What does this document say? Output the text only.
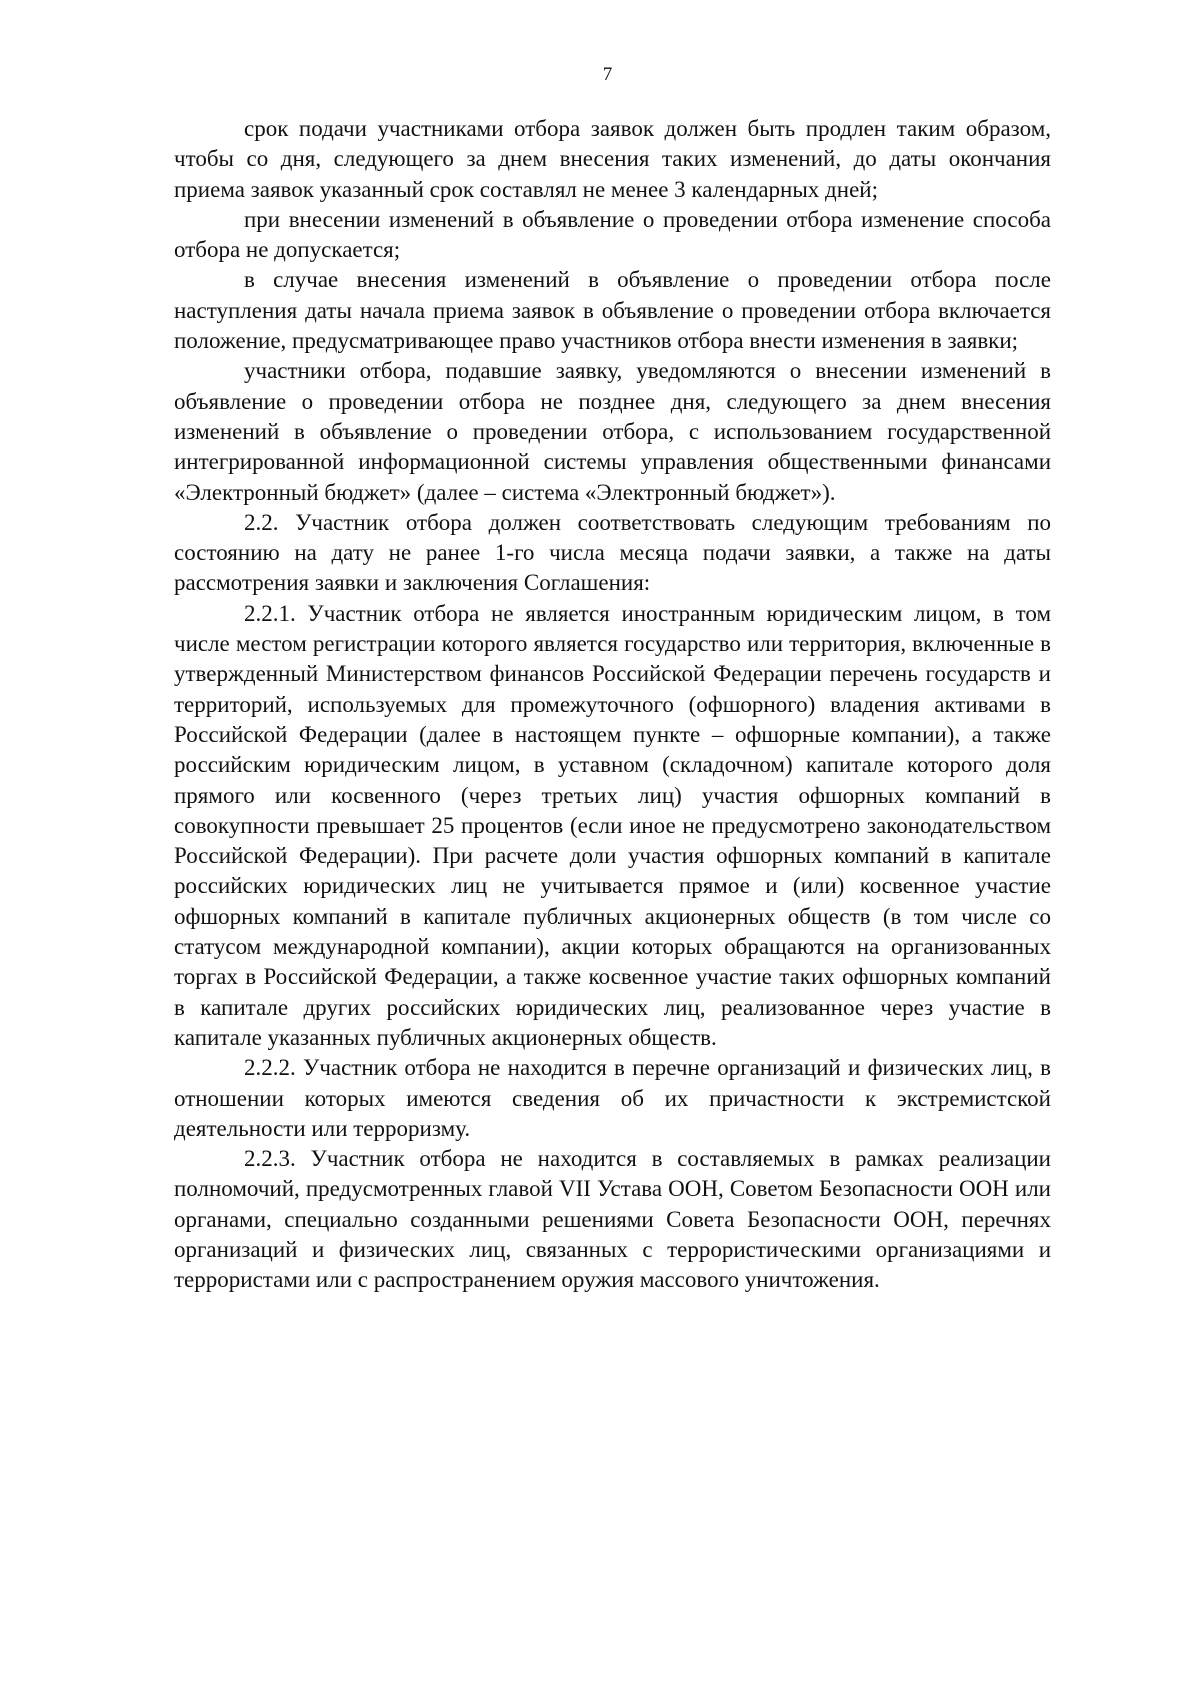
7

срок подачи участниками отбора заявок должен быть продлен таким образом, чтобы со дня, следующего за днем внесения таких изменений, до даты окончания приема заявок указанный срок составлял не менее 3 календарных дней;

при внесении изменений в объявление о проведении отбора изменение способа отбора не допускается;

в случае внесения изменений в объявление о проведении отбора после наступления даты начала приема заявок в объявление о проведении отбора включается положение, предусматривающее право участников отбора внести изменения в заявки;

участники отбора, подавшие заявку, уведомляются о внесении изменений в объявление о проведении отбора не позднее дня, следующего за днем внесения изменений в объявление о проведении отбора, с использованием государственной интегрированной информационной системы управления общественными финансами «Электронный бюджет» (далее – система «Электронный бюджет»).

2.2. Участник отбора должен соответствовать следующим требованиям по состоянию на дату не ранее 1-го числа месяца подачи заявки, а также на даты рассмотрения заявки и заключения Соглашения:

2.2.1. Участник отбора не является иностранным юридическим лицом, в том числе местом регистрации которого является государство или территория, включенные в утвержденный Министерством финансов Российской Федерации перечень государств и территорий, используемых для промежуточного (офшорного) владения активами в Российской Федерации (далее в настоящем пункте – офшорные компании), а также российским юридическим лицом, в уставном (складочном) капитале которого доля прямого или косвенного (через третьих лиц) участия офшорных компаний в совокупности превышает 25 процентов (если иное не предусмотрено законодательством Российской Федерации). При расчете доли участия офшорных компаний в капитале российских юридических лиц не учитывается прямое и (или) косвенное участие офшорных компаний в капитале публичных акционерных обществ (в том числе со статусом международной компании), акции которых обращаются на организованных торгах в Российской Федерации, а также косвенное участие таких офшорных компаний в капитале других российских юридических лиц, реализованное через участие в капитале указанных публичных акционерных обществ.

2.2.2. Участник отбора не находится в перечне организаций и физических лиц, в отношении которых имеются сведения об их причастности к экстремистской деятельности или терроризму.

2.2.3. Участник отбора не находится в составляемых в рамках реализации полномочий, предусмотренных главой VII Устава ООН, Советом Безопасности ООН или органами, специально созданными решениями Совета Безопасности ООН, перечнях организаций и физических лиц, связанных с террористическими организациями и террористами или с распространением оружия массового уничтожения.
